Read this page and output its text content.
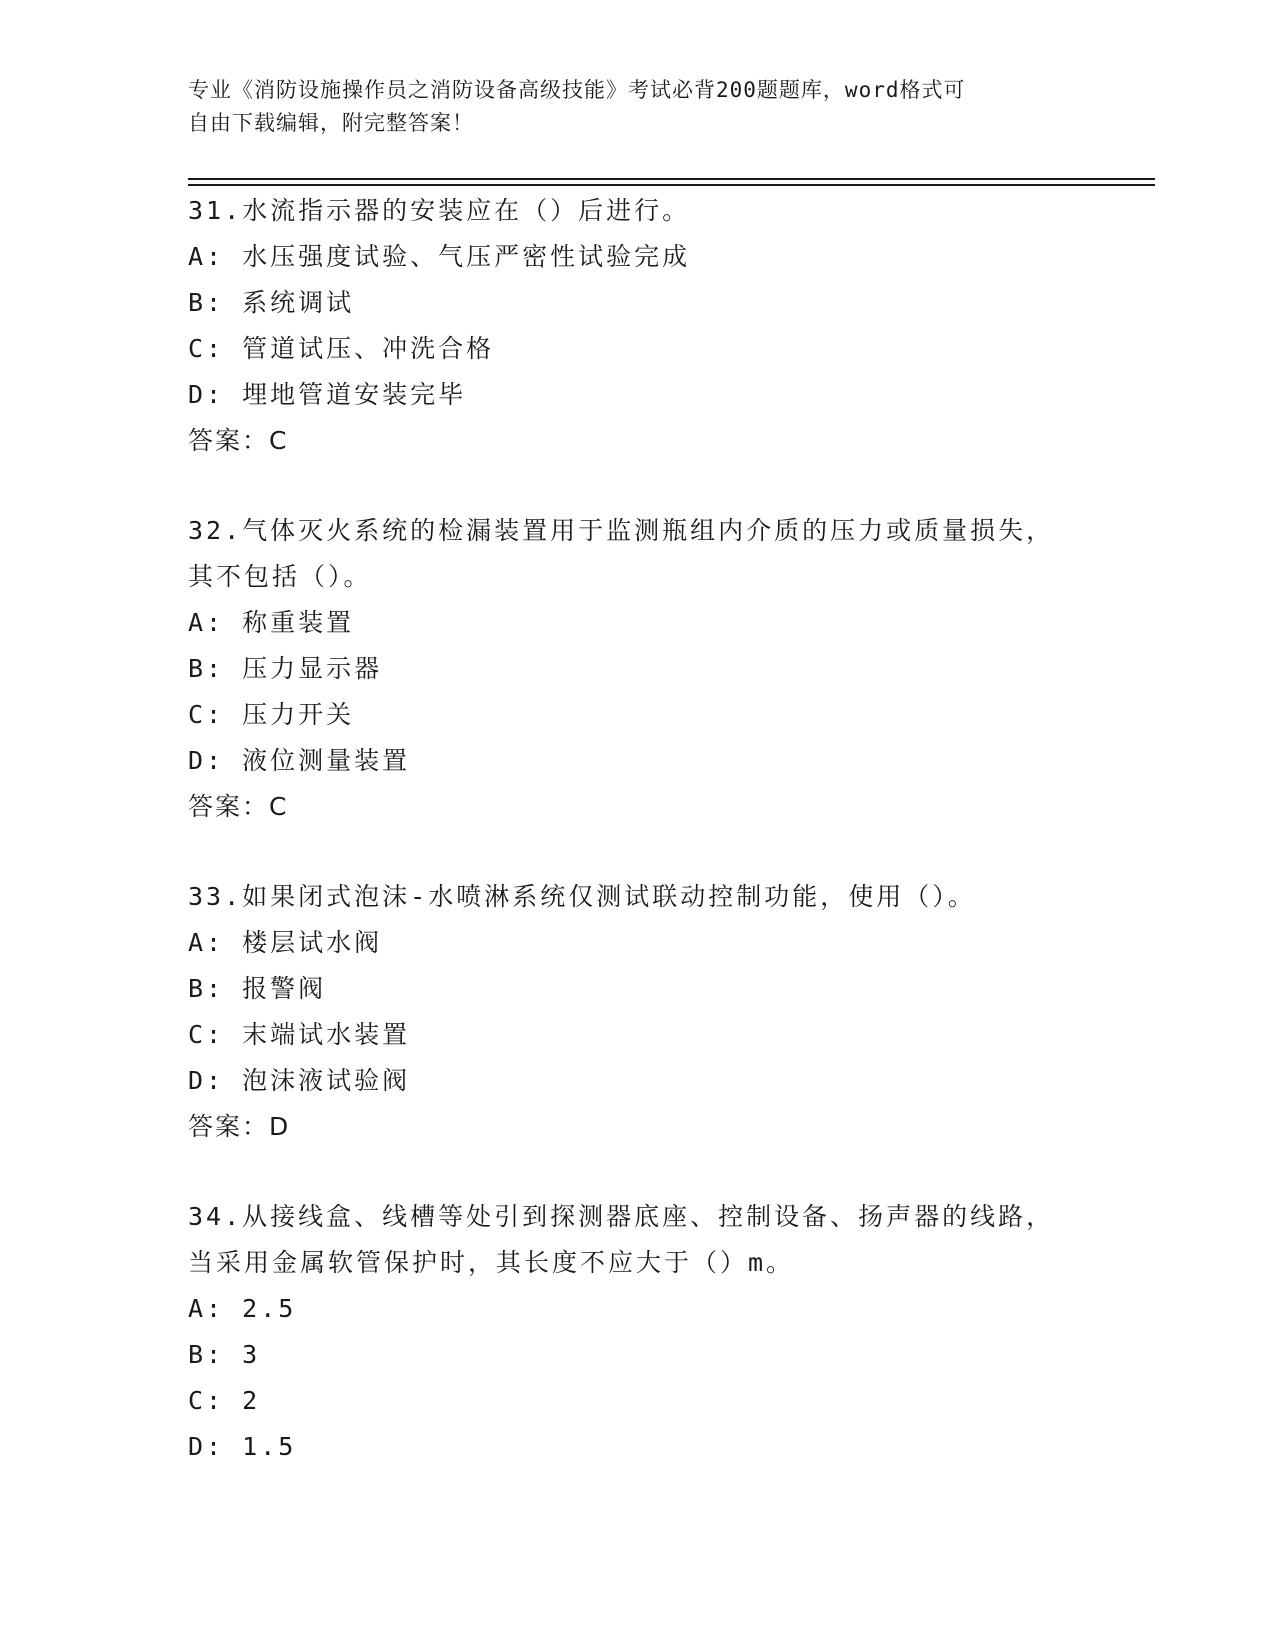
专业《消防设施操作员之消防设备高级技能》考试必背200题题库，word格式可
自由下载编辑，附完整答案！
31.水流指示器的安装应在（）后进行。
A: 水压强度试验、气压严密性试验完成
B: 系统调试
C: 管道试压、冲洗合格
D: 埋地管道安装完毕
答案：C
32.气体灭火系统的检漏装置用于监测瓶组内介质的压力或质量损失，
其不包括（）。
A: 称重装置
B: 压力显示器
C: 压力开关
D: 液位测量装置
答案：C
33.如果闭式泡沫-水喷淋系统仅测试联动控制功能，使用（）。
A: 楼层试水阀
B: 报警阀
C: 末端试水装置
D: 泡沫液试验阀
答案：D
34.从接线盒、线槽等处引到探测器底座、控制设备、扬声器的线路，
当采用金属软管保护时，其长度不应大于（）m。
A: 2.5
B: 3
C: 2
D: 1.5
